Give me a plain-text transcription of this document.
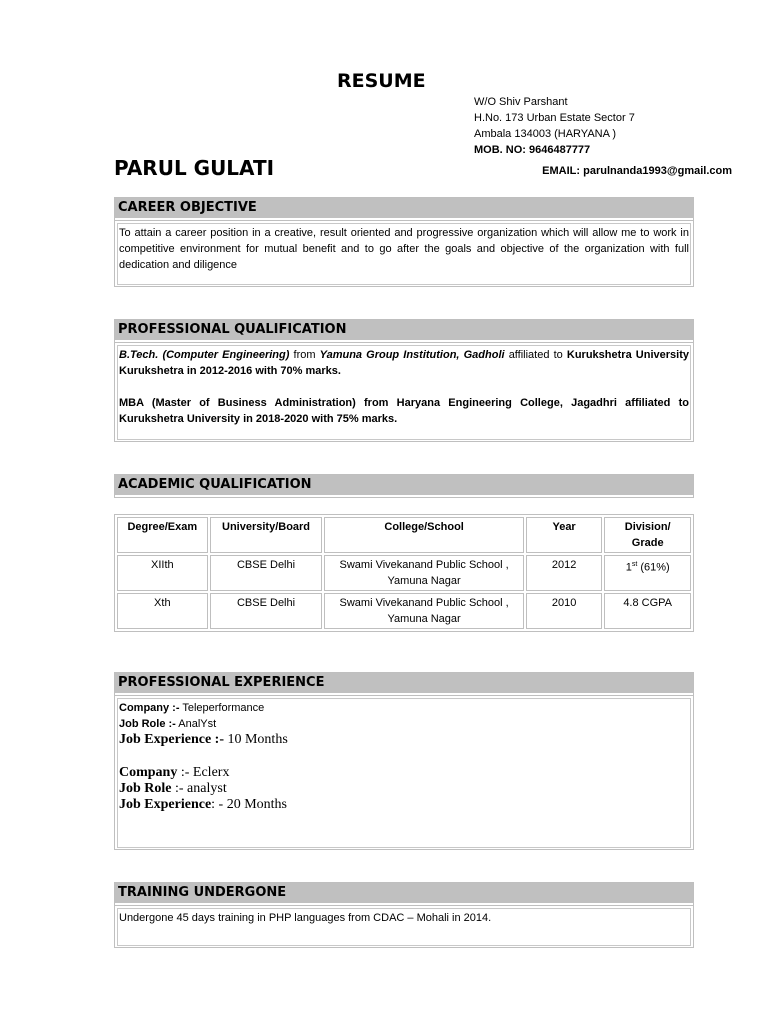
RESUME
W/O Shiv Parshant
H.No. 173 Urban Estate Sector 7
Ambala 134003 (HARYANA )
MOB. NO: 9646487777
PARUL GULATI	EMAIL: parulnanda1993@gmail.com
CAREER OBJECTIVE
To attain a career position in a creative, result oriented and progressive organization which will allow me to work in competitive environment for mutual benefit and to go after the goals and objective of the organization with full dedication and diligence
PROFESSIONAL QUALIFICATION
B.Tech. (Computer Engineering) from Yamuna Group Institution, Gadholi affiliated to Kurukshetra University Kurukshetra in 2012-2016 with 70% marks.
MBA (Master of Business Administration) from Haryana Engineering College, Jagadhri affiliated to Kurukshetra University in 2018-2020 with 75% marks.
ACADEMIC QUALIFICATION
Degree/Exam	University/Board	College/School	Year	Division/ Grade
XIIth	CBSE Delhi	Swami Vivekanand Public School , Yamuna Nagar	2012	1st (61%)
Xth	CBSE Delhi	Swami Vivekanand Public School , Yamuna Nagar	2010	4.8 CGPA
PROFESSIONAL EXPERIENCE
Company :- Teleperformance
Job Role :- AnalYst
Job Experience :- 10 Months
Company :- Eclerx
Job Role :- analyst
Job Experience: - 20 Months
TRAINING UNDERGONE
Undergone 45 days training in PHP languages from CDAC – Mohali in 2014.
